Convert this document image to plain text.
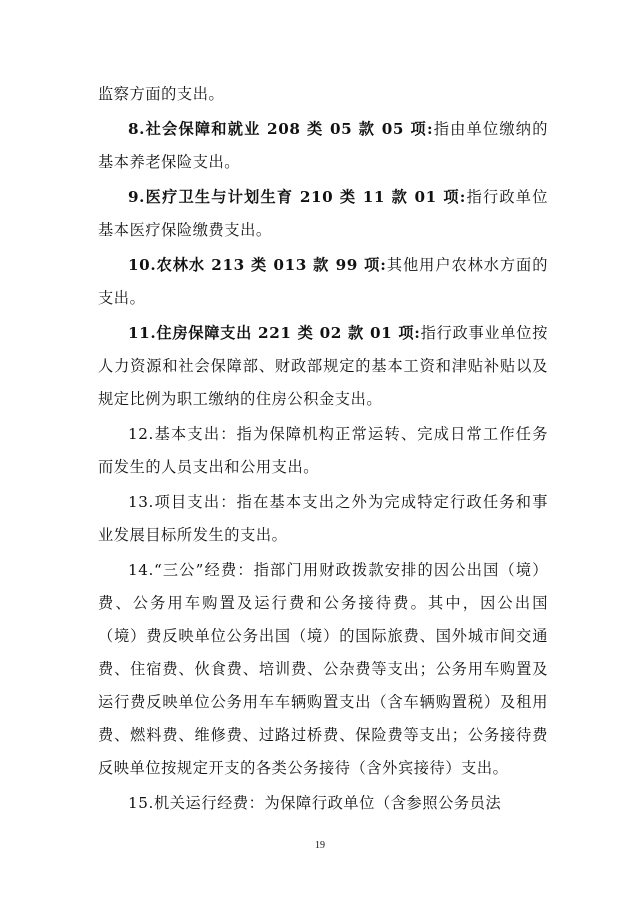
监察方面的支出。

8.社会保障和就业 208 类 05 款 05 项:指由单位缴纳的基本养老保险支出。

9.医疗卫生与计划生育 210 类 11 款 01 项:指行政单位基本医疗保险缴费支出。

10.农林水 213 类 013 款 99 项:其他用户农林水方面的支出。

11.住房保障支出 221 类 02 款 01 项:指行政事业单位按人力资源和社会保障部、财政部规定的基本工资和津贴补贴以及规定比例为职工缴纳的住房公积金支出。

12.基本支出：指为保障机构正常运转、完成日常工作任务而发生的人员支出和公用支出。

13.项目支出：指在基本支出之外为完成特定行政任务和事业发展目标所发生的支出。

14.“三公”经费：指部门用财政拨款安排的因公出国（境）费、公务用车购置及运行费和公务接待费。其中，因公出国（境）费反映单位公务出国（境）的国际旅费、国外城市间交通费、住宿费、伙食费、培训费、公杂费等支出；公务用车购置及运行费反映单位公务用车车辆购置支出（含车辆购置税）及租用费、燃料费、维修费、过路过桥费、保险费等支出；公务接待费反映单位按规定开支的各类公务接待（含外宾接待）支出。

15.机关运行经费：为保障行政单位（含参照公务员法

19
